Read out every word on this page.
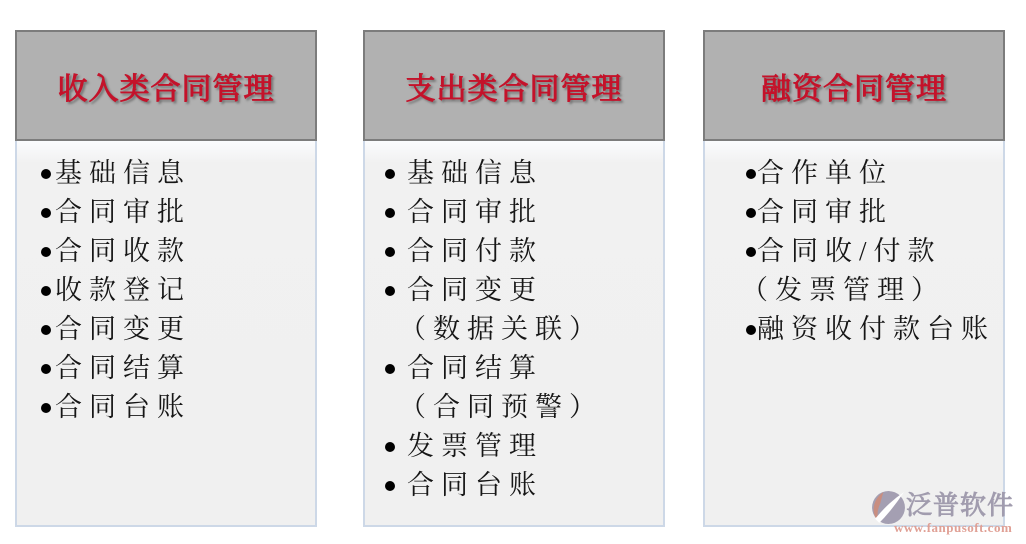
收入类合同管理
基础信息
合同审批
合同收款
收款登记
合同变更
合同结算
合同台账
支出类合同管理
基础信息
合同审批
合同付款
合同变更
（数据关联）
合同结算
（合同预警）
发票管理
合同台账
融资合同管理
合作单位
合同审批
合同收/付款
（发票管理）
融资收付款台账
泛普软件
www.fanpusoft.com
